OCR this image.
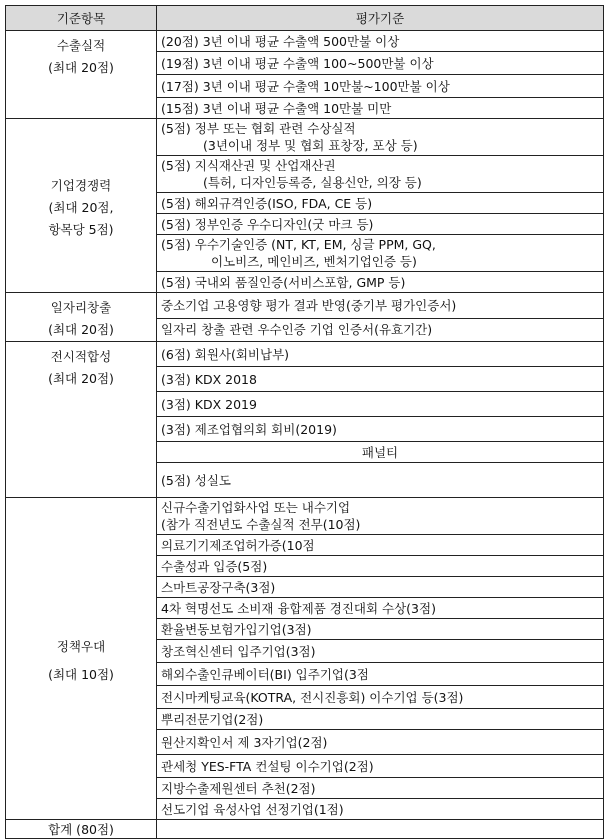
기준항목	평가기준

수출실적
(최대 20점)	(20점) 3년 이내 평균 수출액 500만불 이상
	(19점) 3년 이내 평균 수출액 100~500만불 이상
	(17점) 3년 이내 평균 수출액 10만불~100만불 이상
	(15점) 3년 이내 평균 수출액 10만불 미만

기업경쟁력
(최대 20점,
항목당 5점)	(5점) 정부 또는 협회 관련 수상실적
(3년이내 정부 및 협회 표창장, 포상 등)

	(5점) 지식재산권 및 산업재산권
(특허, 디자인등록증, 실용신안, 의장 등)

	(5점) 해외규격인증(ISO, FDA, CE 등)
	(5점) 정부인증 우수디자인(굿 마크 등)

	(5점) 우수기술인증 (NT, KT, EM, 싱글 PPM, GQ,
이노비즈, 메인비즈, 벤처기업인증 등)

	(5점) 국내외 품질인증(서비스포함, GMP 등)

일자리창출
(최대 20점)	중소기업 고용영향 평가 결과 반영(중기부 평가인증서)
	일자리 창출 관련 우수인증 기업 인증서(유효기간)

전시적합성
(최대 20점)	(6점) 회원사(회비납부)
	(3점) KDX 2018
	(3점) KDX 2019
	(3점) 제조업협의회 회비(2019)
	패널티
	(5점) 성실도

정책우대
(최대 10점)	신규수출기업화사업 또는 내수기업
(참가 직전년도 수출실적 전무(10점)

	의료기기제조업허가증(10점
	수출성과 입증(5점)
	스마트공장구축(3점)
	4차 혁명선도 소비재 융합제품 경진대회 수상(3점)
	환율변동보험가입기업(3점)
	창조혁신센터 입주기업(3점)
	해외수출인큐베이터(BI) 입주기업(3점
	전시마케팅교육(KOTRA, 전시진흥회) 이수기업 등(3점)
	뿌리전문기업(2점)
	원산지확인서 제 3자기업(2점)
	관세청 YES-FTA 컨설팅 이수기업(2점)
	지방수출제원센터 추천(2점)
	선도기업 육성사업 선정기업(1점)
합계 (80점)	
